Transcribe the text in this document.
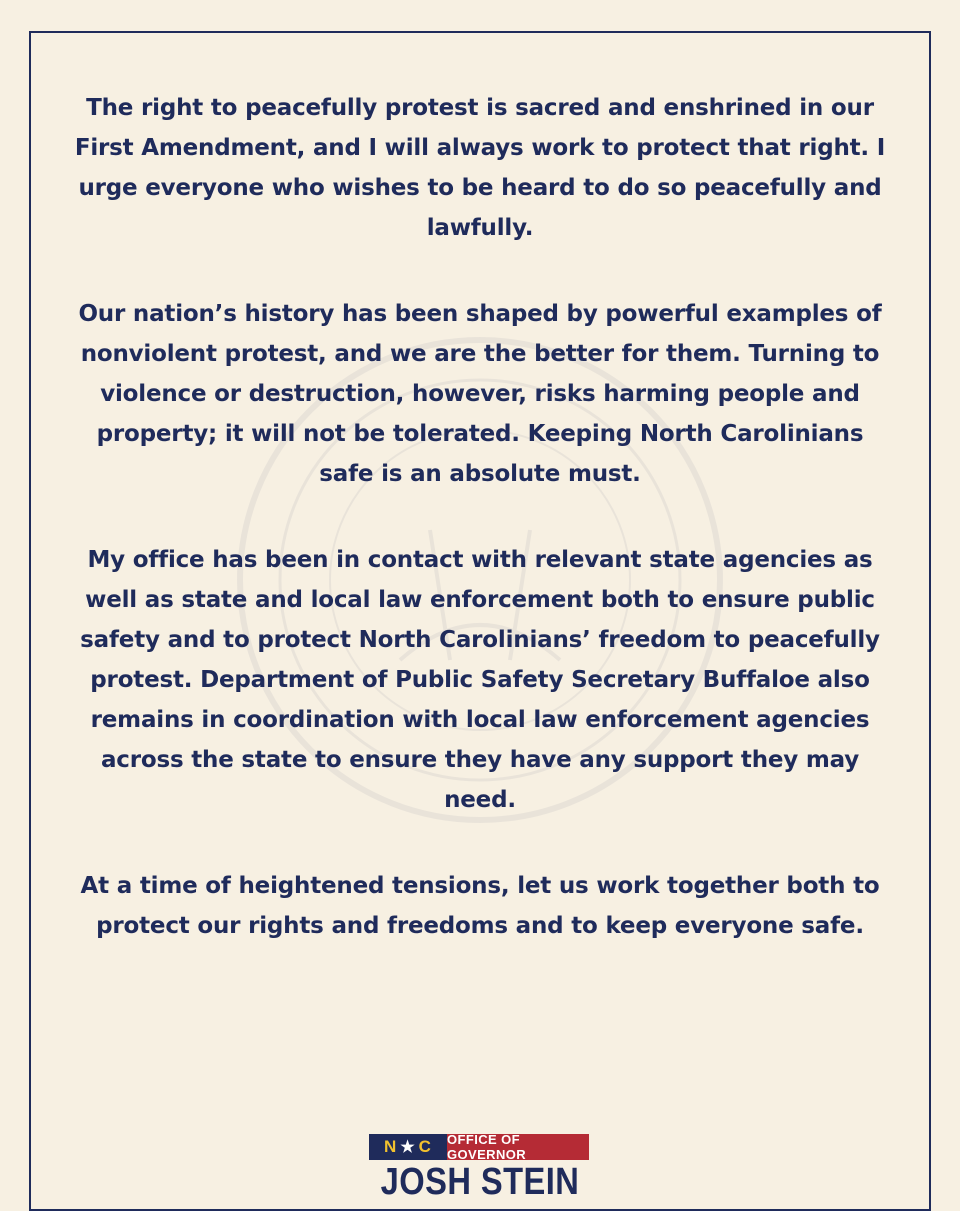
The right to peacefully protest is sacred and enshrined in our First Amendment, and I will always work to protect that right. I urge everyone who wishes to be heard to do so peacefully and lawfully.

Our nation’s history has been shaped by powerful examples of nonviolent protest, and we are the better for them. Turning to violence or destruction, however, risks harming people and property; it will not be tolerated. Keeping North Carolinians safe is an absolute must.

My office has been in contact with relevant state agencies as well as state and local law enforcement both to ensure public safety and to protect North Carolinians’ freedom to peacefully protest. Department of Public Safety Secretary Buffaloe also remains in coordination with local law enforcement agencies across the state to ensure they have any support they may need.

At a time of heightened tensions, let us work together both to protect our rights and freedoms and to keep everyone safe.

N ★ C OFFICE OF GOVERNOR
JOSH STEIN
